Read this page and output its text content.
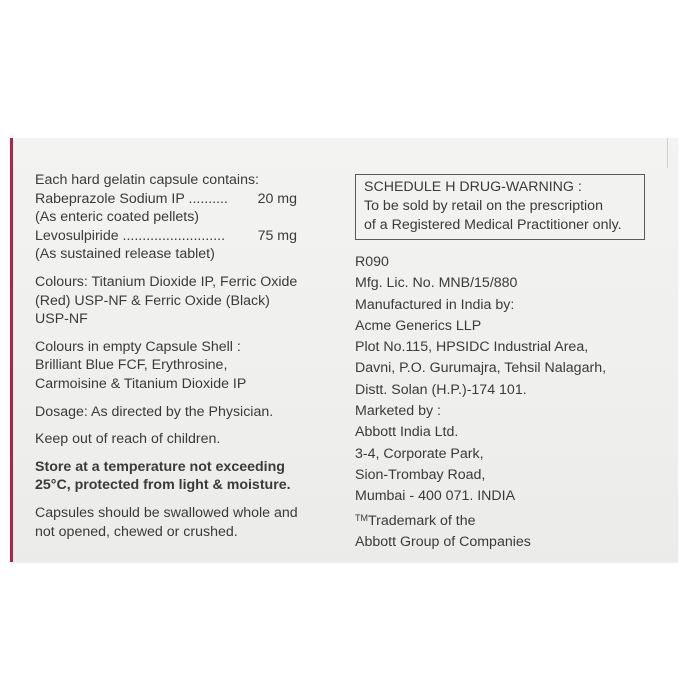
Each hard gelatin capsule contains:

Rabeprazole Sodium IP .......... 20 mg

(As enteric coated pellets)

Levosulpiride .......................... 75 mg

(As sustained release tablet)

Colours: Titanium Dioxide IP, Ferric Oxide

(Red) USP-NF & Ferric Oxide (Black)

USP-NF

Colours in empty Capsule Shell :

Brilliant Blue FCF, Erythrosine,

Carmoisine & Titanium Dioxide IP

Dosage: As directed by the Physician.

Keep out of reach of children.

Store at a temperature not exceeding

25°C, protected from light & moisture.

Capsules should be swallowed whole and

not opened, chewed or crushed.

SCHEDULE H DRUG-WARNING :

To be sold by retail on the prescription

of a Registered Medical Practitioner only.

R090

Mfg. Lic. No. MNB/15/880

Manufactured in India by:

Acme Generics LLP

Plot No.115, HPSIDC Industrial Area,

Davni, P.O. Gurumajra, Tehsil Nalagarh,

Distt. Solan (H.P.)-174 101.

Marketed by :

Abbott India Ltd.

3-4, Corporate Park,

Sion-Trombay Road,

Mumbai - 400 071. INDIA

™Trademark of the

Abbott Group of Companies
